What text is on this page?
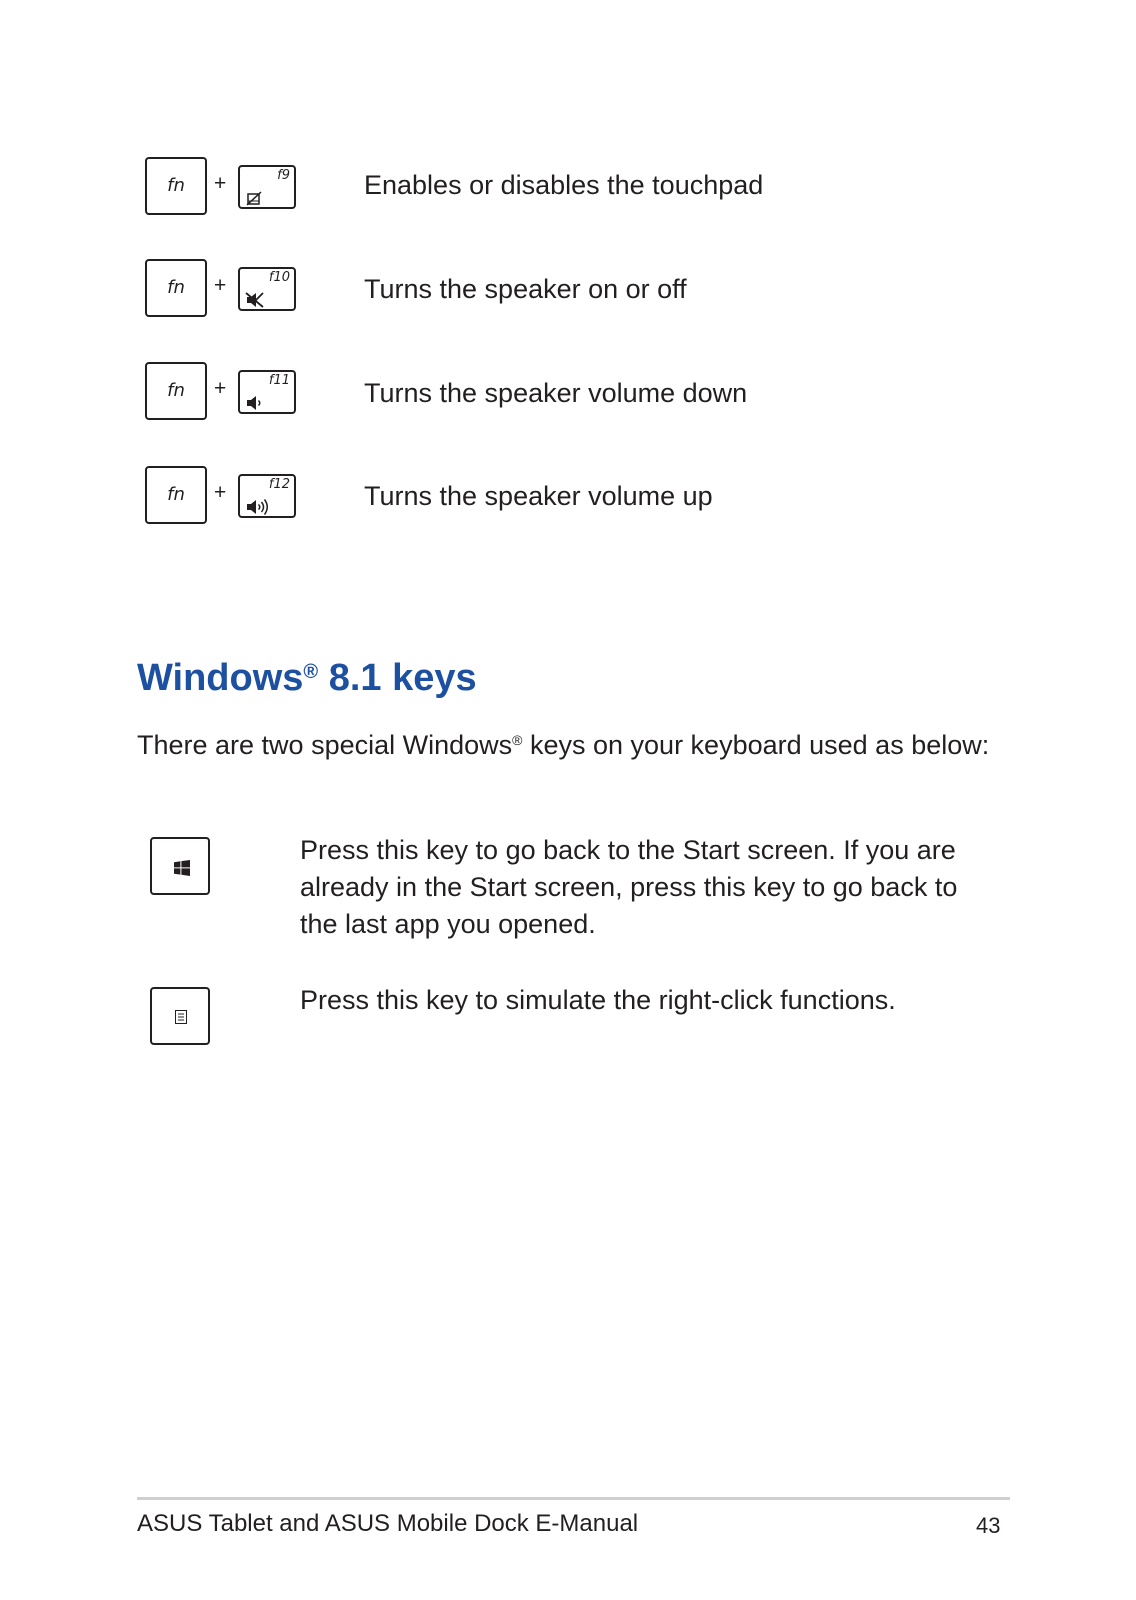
fn	+	f9	Enables or disables the touchpad
fn	+	f10	Turns the speaker on or off
fn	+	f11	Turns the speaker volume down
fn	+	f12	Turns the speaker volume up
Windows® 8.1 keys

There are two special Windows® keys on your keyboard used as below:

Press this key to go back to the Start screen. If you are already in the Start screen, press this key to go back to the last app you opened.
Press this key to simulate the right-click functions.
ASUS Tablet and ASUS Mobile Dock E-Manual	43
